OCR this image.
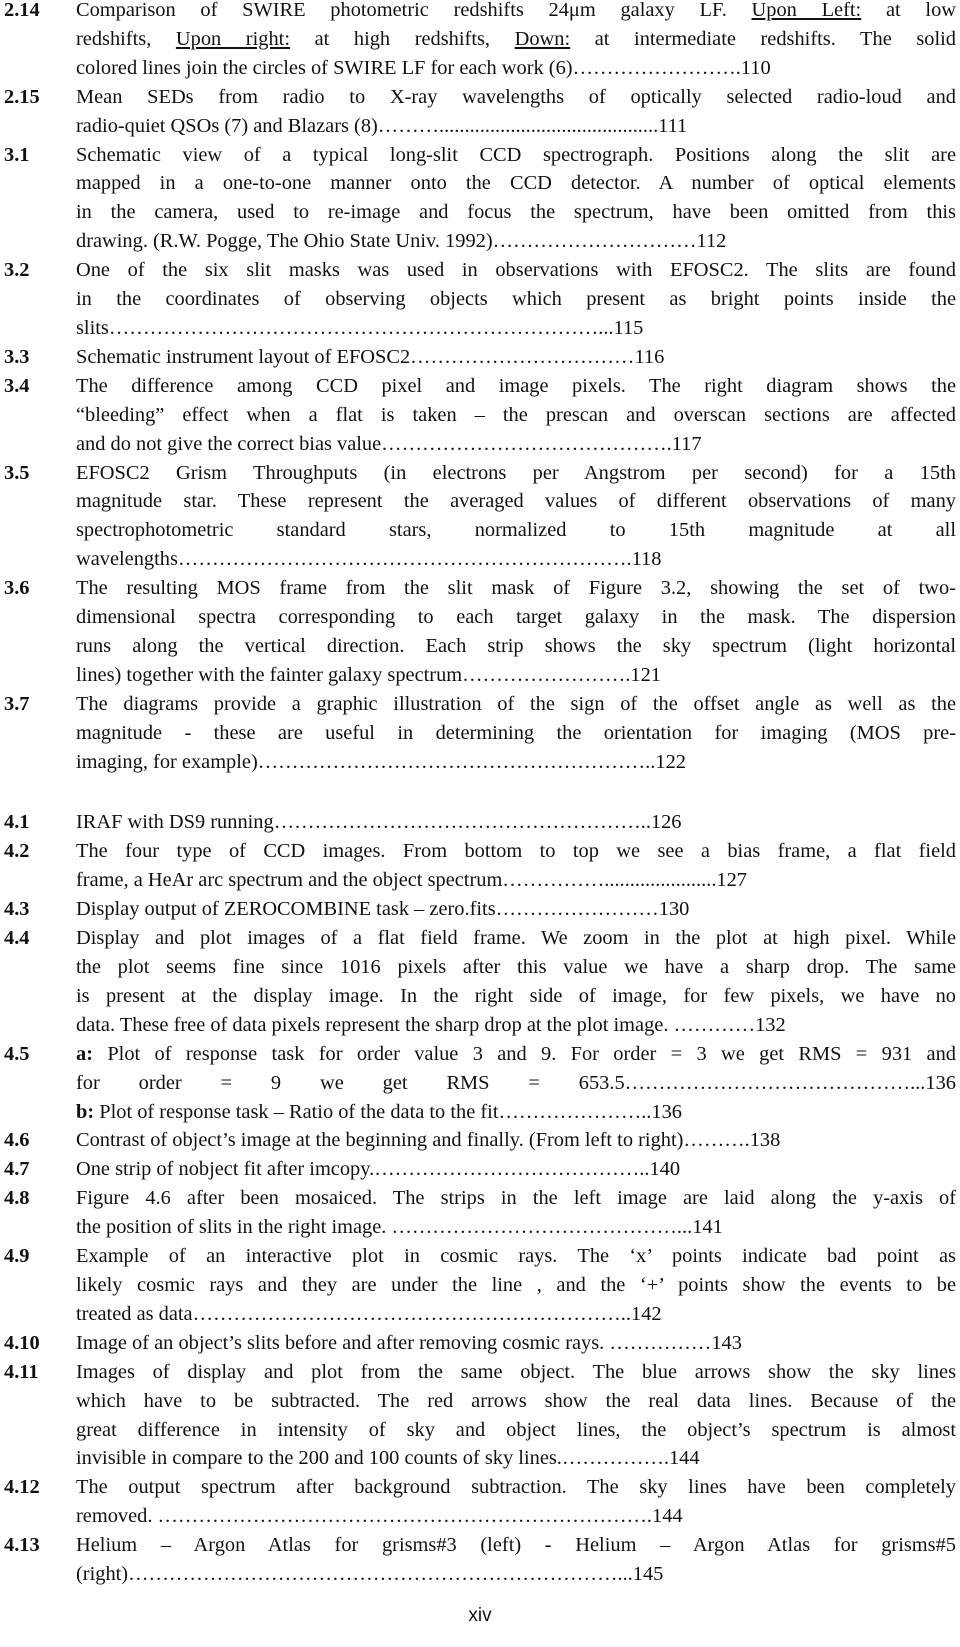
2.14	Comparison of SWIRE photometric redshifts 24μm galaxy LF. Upon Left: at low
redshifts, Upon right: at high redshifts, Down: at intermediate redshifts. The solid
colored lines join the circles of SWIRE LF for each work (6)…………………….110
2.15	Mean SEDs from radio to X-ray wavelengths of optically selected radio-loud and
radio-quiet QSOs (7) and Blazars (8)………...........................................111
3.1	Schematic view of a typical long-slit CCD spectrograph. Positions along the slit are
mapped in a one-to-one manner onto the CCD detector. A number of optical elements
in the camera, used to re-image and focus the spectrum, have been omitted from this
drawing. (R.W. Pogge, The Ohio State Univ. 1992)…………………………112
3.2	One of the six slit masks was used in observations with EFOSC2. The slits are found
in the coordinates of observing objects which present as bright points inside the
slits………………………………………………………………...115
3.3	Schematic instrument layout of EFOSC2……………………………116
3.4	The difference among CCD pixel and image pixels. The right diagram shows the
“bleeding” effect when a flat is taken – the prescan and overscan sections are affected
and do not give the correct bias value…………………………………….117
3.5	EFOSC2 Grism Throughputs (in electrons per Angstrom per second) for a 15th
magnitude star. These represent the averaged values of different observations of many
spectrophotometric standard stars, normalized to 15th magnitude at all
wavelengths………………………………………………………….118
3.6	The resulting MOS frame from the slit mask of Figure 3.2, showing the set of two-
dimensional spectra corresponding to each target galaxy in the mask. The dispersion
runs along the vertical direction. Each strip shows the sky spectrum (light horizontal
lines) together with the fainter galaxy spectrum…………………….121
3.7	The diagrams provide a graphic illustration of the sign of the offset angle as well as the
magnitude - these are useful in determining the orientation for imaging (MOS pre-
imaging, for example)…………………………………………………..122
4.1	IRAF with DS9 running………………………………………………..126
4.2	The four type of CCD images. From bottom to top we see a bias frame, a flat field
frame, a HeAr arc spectrum and the object spectrum……………......................127
4.3	Display output of ZEROCOMBINE task – zero.fits……………………130
4.4	Display and plot images of a flat field frame. We zoom in the plot at high pixel. While
the plot seems fine since 1016 pixels after this value we have a sharp drop. The same
is present at the display image. In the right side of image, for few pixels, we have no
data. These free of data pixels represent the sharp drop at the plot image. …………132
4.5	a: Plot of response task for order value 3 and 9. For order = 3 we get RMS = 931 and
for order = 9 we get RMS = 653.5……………………………………...136
b: Plot of response task – Ratio of the data to the fit…………………..136
4.6	Contrast of object’s image at the beginning and finally. (From left to right)……….138
4.7	One strip of nobject fit after imcopy.…………………………………..140
4.8	Figure 4.6 after been mosaiced. The strips in the left image are laid along the y-axis of
the position of slits in the right image. ……………………………………...141
4.9	Example of an interactive plot in cosmic rays. The ‘x’ points indicate bad point as
likely cosmic rays and they are under the line , and the ‘+’ points show the events to be
treated as data………………………………………………………..142
4.10	Image of an object’s slits before and after removing cosmic rays. ……………143
4.11	Images of display and plot from the same object. The blue arrows show the sky lines
which have to be subtracted. The red arrows show the real data lines. Because of the
great difference in intensity of sky and object lines, the object’s spectrum is almost
invisible in compare to the 200 and 100 counts of sky lines.…………….144
4.12	The output spectrum after background subtraction. The sky lines have been completely
removed. ……………………………………………………………….144
4.13	Helium – Argon Atlas for grisms#3 (left) - Helium – Argon Atlas for grisms#5
(right)………………………………………………………………...145
xiv
